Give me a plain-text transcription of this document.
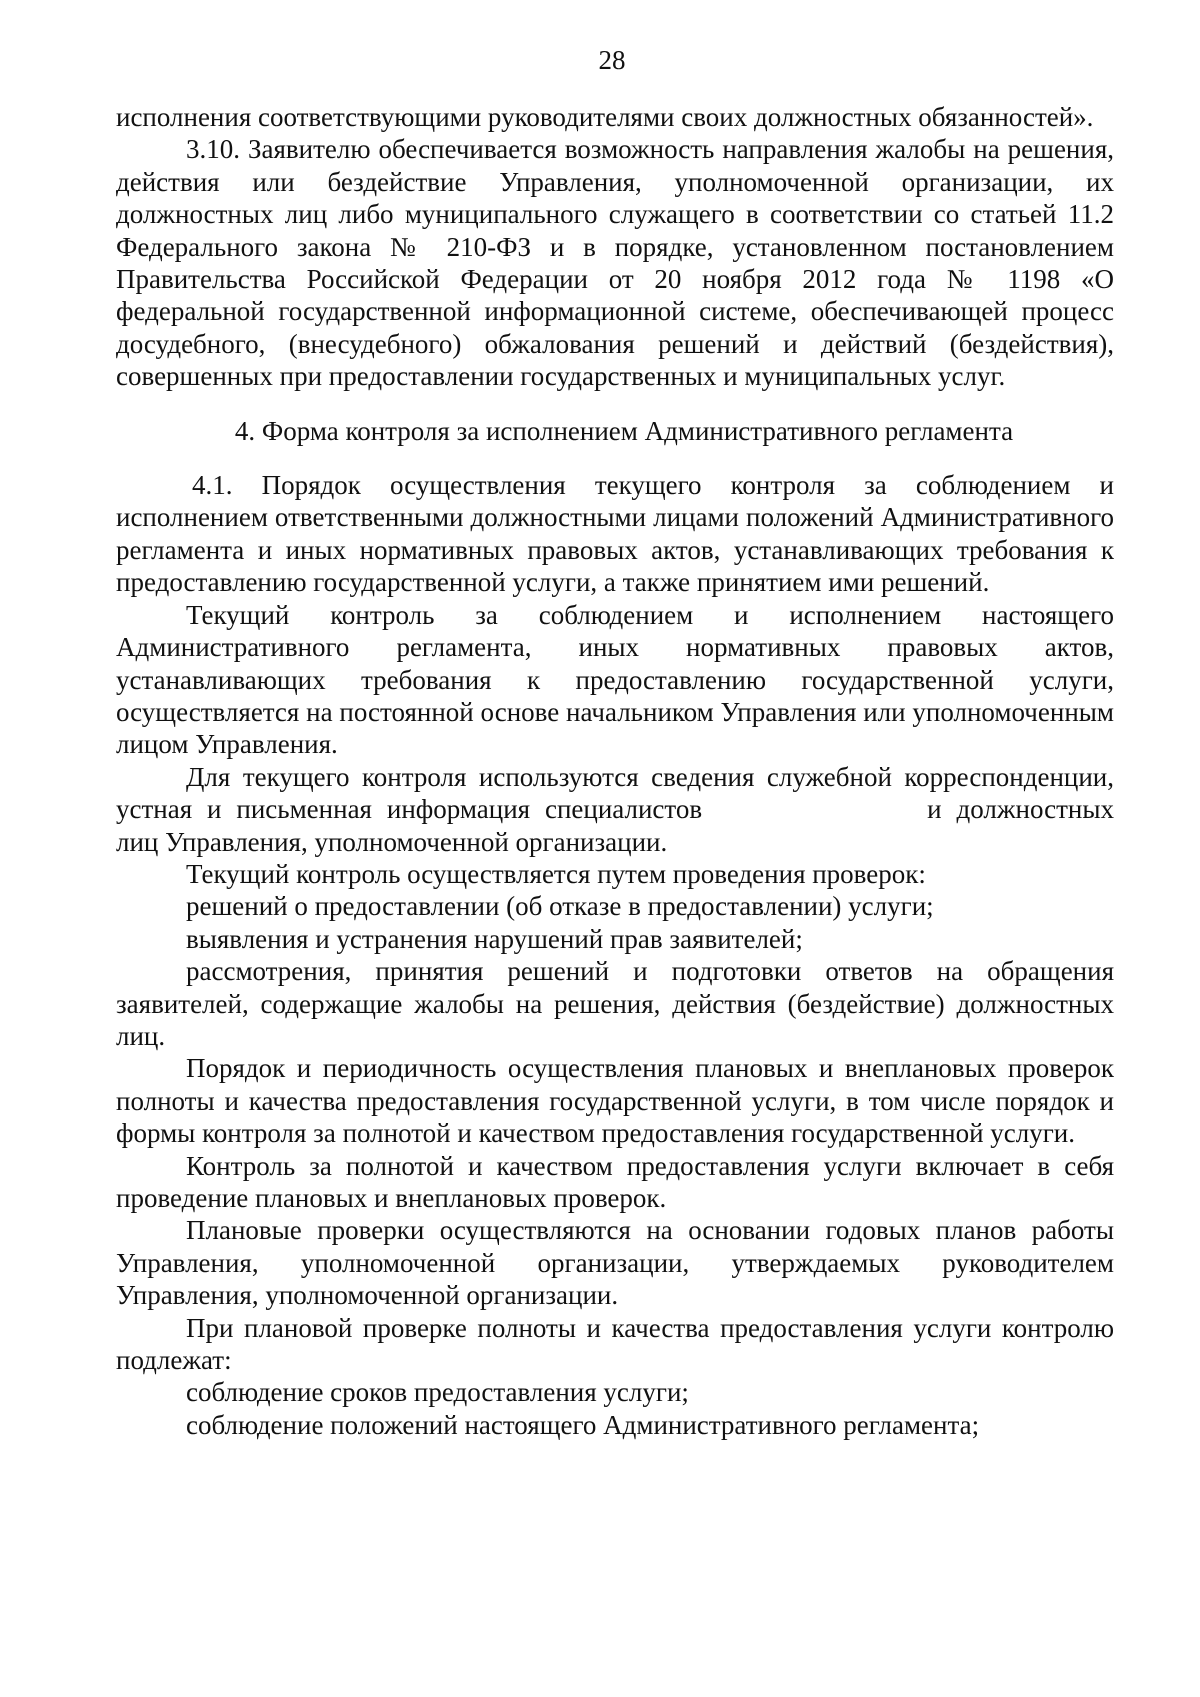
28

исполнения соответствующими руководителями своих должностных обязанностей».

3.10. Заявителю обеспечивается возможность направления жалобы на решения, действия или бездействие Управления, уполномоченной организации, их должностных лиц либо муниципального служащего в соответствии со статьей 11.2 Федерального закона № 210-ФЗ и в порядке, установленном постановлением Правительства Российской Федерации от 20 ноября 2012 года № 1198 «О федеральной государственной информационной системе, обеспечивающей процесс досудебного, (внесудебного) обжалования решений и действий (бездействия), совершенных при предоставлении государственных и муниципальных услуг.

4. Форма контроля за исполнением Административного регламента

4.1. Порядок осуществления текущего контроля за соблюдением и исполнением ответственными должностными лицами положений Административного регламента и иных нормативных правовых актов, устанавливающих требования к предоставлению государственной услуги, а также принятием ими решений.

Текущий контроль за соблюдением и исполнением настоящего Административного регламента, иных нормативных правовых актов, устанавливающих требования к предоставлению государственной услуги, осуществляется на постоянной основе начальником Управления или уполномоченным лицом Управления.

Для текущего контроля используются сведения служебной корреспонденции, устная и письменная информация специалистов	и должностных лиц Управления, уполномоченной организации.

Текущий контроль осуществляется путем проведения проверок:

решений о предоставлении (об отказе в предоставлении) услуги;

выявления и устранения нарушений прав заявителей;

рассмотрения, принятия решений и подготовки ответов на обращения заявителей, содержащие жалобы на решения, действия (бездействие) должностных лиц.

Порядок и периодичность осуществления плановых и внеплановых проверок полноты и качества предоставления государственной услуги, в том числе порядок и формы контроля за полнотой и качеством предоставления государственной услуги.

Контроль за полнотой и качеством предоставления услуги включает в себя проведение плановых и внеплановых проверок.

Плановые проверки осуществляются на основании годовых планов работы Управления, уполномоченной организации, утверждаемых руководителем Управления, уполномоченной организации.

При плановой проверке полноты и качества предоставления услуги контролю подлежат:

соблюдение сроков предоставления услуги;

соблюдение положений настоящего Административного регламента;
